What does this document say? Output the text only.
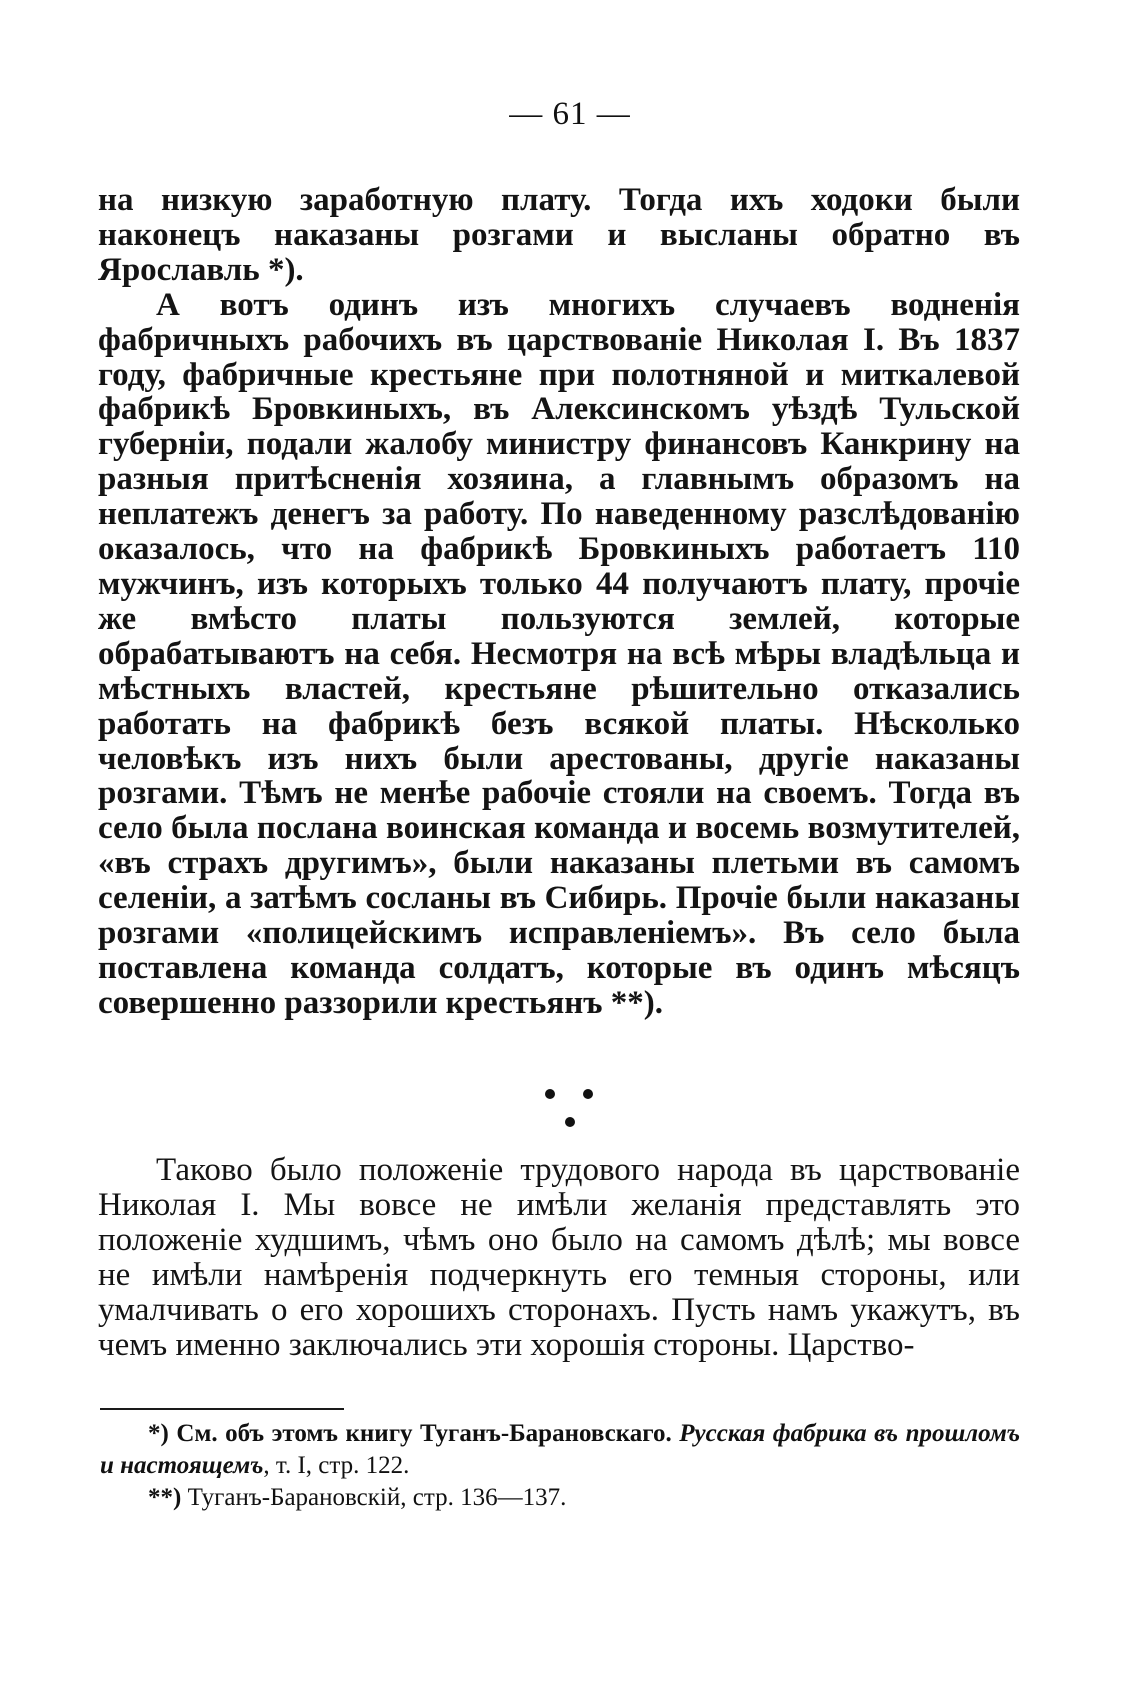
— 61 —

на низкую заработную плату. Тогда ихъ ходоки были наконецъ наказаны розгами и высланы обратно въ Ярославль *).

А вотъ одинъ изъ многихъ случаевъ водненія фабричныхъ рабочихъ въ царствованіе Николая I. Въ 1837 году, фабричные крестьяне при полотняной и миткалевой фабрикѣ Бровкиныхъ, въ Алексинскомъ уѣздѣ Тульской губерніи, подали жалобу министру финансовъ Канкрину на разныя притѣсненія хозяина, а главнымъ образомъ на неплатежъ денегъ за работу. По наведенному разслѣдованію оказалось, что на фабрикѣ Бровкиныхъ работаетъ 110 мужчинъ, изъ которыхъ только 44 получаютъ плату, прочіе же вмѣсто платы пользуются землей, которые обрабатываютъ на себя. Несмотря на всѣ мѣры владѣльца и мѣстныхъ властей, крестьяне рѣшительно отказались работать на фабрикѣ безъ всякой платы. Нѣсколько человѣкъ изъ нихъ были арестованы, другіе наказаны розгами. Тѣмъ не менѣе рабочіе стояли на своемъ. Тогда въ село была послана воинская команда и восемь возмутителей, «въ страхъ другимъ», были наказаны плетьми въ самомъ селеніи, а затѣмъ сосланы въ Сибирь. Прочіе были наказаны розгами «полицейскимъ исправленіемъ». Въ село была поставлена команда солдатъ, которые въ одинъ мѣсяцъ совершенно раззорили крестьянъ **).

Таково было положеніе трудового народа въ царствованіе Николая I. Мы вовсе не имѣли желанія представлять это положеніе худшимъ, чѣмъ оно было на самомъ дѣлѣ; мы вовсе не имѣли намѣренія подчеркнуть его темныя стороны, или умалчивать о его хорошихъ сторонахъ. Пусть намъ укажутъ, въ чемъ именно заключались эти хорошія стороны. Царство-

*) См. объ этомъ книгу Туганъ-Барановскаго. Русская фабрика въ прошломъ и настоящемъ, т. I, стр. 122.

**) Туганъ-Барановскій, стр. 136—137.
